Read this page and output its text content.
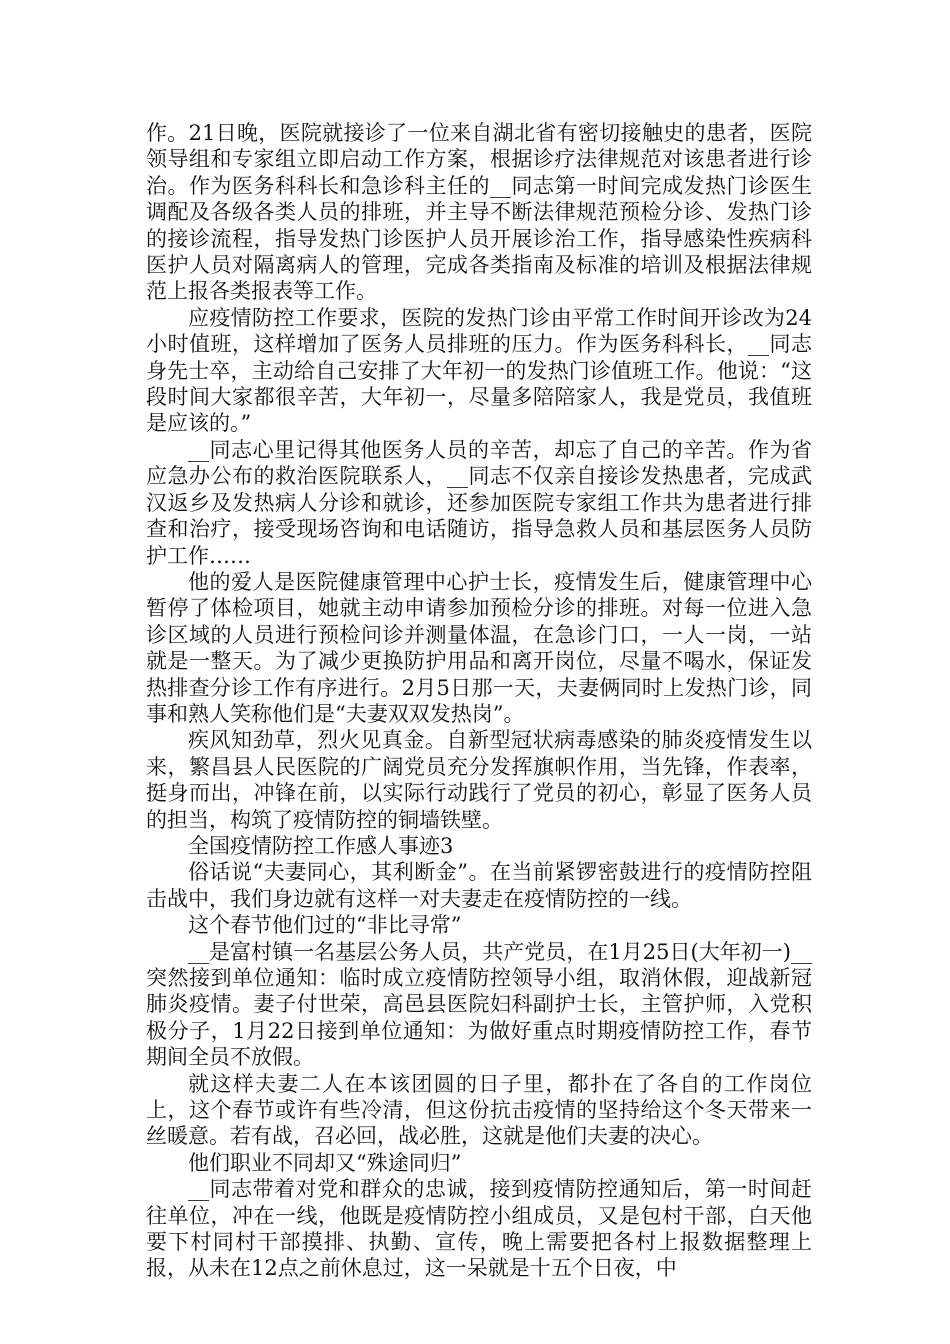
作。21日晚，医院就接诊了一位来自湖北省有密切接触史的患者，医院领导组和专家组立即启动工作方案，根据诊疗法律规范对该患者进行诊治。作为医务科科长和急诊科主任的__同志第一时间完成发热门诊医生调配及各级各类人员的排班，并主导不断法律规范预检分诊、发热门诊的接诊流程，指导发热门诊医护人员开展诊治工作，指导感染性疾病科医护人员对隔离病人的管理，完成各类指南及标准的培训及根据法律规范上报各类报表等工作。

应疫情防控工作要求，医院的发热门诊由平常工作时间开诊改为24小时值班，这样增加了医务人员排班的压力。作为医务科科长，__同志身先士卒，主动给自己安排了大年初一的发热门诊值班工作。他说：“这段时间大家都很辛苦，大年初一，尽量多陪陪家人，我是党员，我值班是应该的。”

__同志心里记得其他医务人员的辛苦，却忘了自己的辛苦。作为省应急办公布的救治医院联系人，__同志不仅亲自接诊发热患者，完成武汉返乡及发热病人分诊和就诊，还参加医院专家组工作共为患者进行排查和治疗，接受现场咨询和电话随访，指导急救人员和基层医务人员防护工作……

他的爱人是医院健康管理中心护士长，疫情发生后，健康管理中心暂停了体检项目，她就主动申请参加预检分诊的排班。对每一位进入急诊区域的人员进行预检问诊并测量体温，在急诊门口，一人一岗，一站就是一整天。为了减少更换防护用品和离开岗位，尽量不喝水，保证发热排查分诊工作有序进行。2月5日那一天，夫妻俩同时上发热门诊，同事和熟人笑称他们是“夫妻双双发热岗”。

疾风知劲草，烈火见真金。自新型冠状病毒感染的肺炎疫情发生以来，繁昌县人民医院的广阔党员充分发挥旗帜作用，当先锋，作表率，挺身而出，冲锋在前，以实际行动践行了党员的初心，彰显了医务人员的担当，构筑了疫情防控的铜墙铁壁。

全国疫情防控工作感人事迹3

俗话说“夫妻同心，其利断金”。在当前紧锣密鼓进行的疫情防控阻击战中，我们身边就有这样一对夫妻走在疫情防控的一线。

这个春节他们过的“非比寻常”

__是富村镇一名基层公务人员，共产党员，在1月25日(大年初一)__突然接到单位通知：临时成立疫情防控领导小组，取消休假，迎战新冠肺炎疫情。妻子付世荣，高邑县医院妇科副护士长，主管护师，入党积极分子，1月22日接到单位通知：为做好重点时期疫情防控工作，春节期间全员不放假。

就这样夫妻二人在本该团圆的日子里，都扑在了各自的工作岗位上，这个春节或许有些冷清，但这份抗击疫情的坚持给这个冬天带来一丝暖意。若有战，召必回，战必胜，这就是他们夫妻的决心。

他们职业不同却又“殊途同归”

__同志带着对党和群众的忠诚，接到疫情防控通知后，第一时间赶往单位，冲在一线，他既是疫情防控小组成员，又是包村干部，白天他要下村同村干部摸排、执勤、宣传，晚上需要把各村上报数据整理上报，从未在12点之前休息过，这一呆就是十五个日夜，中
